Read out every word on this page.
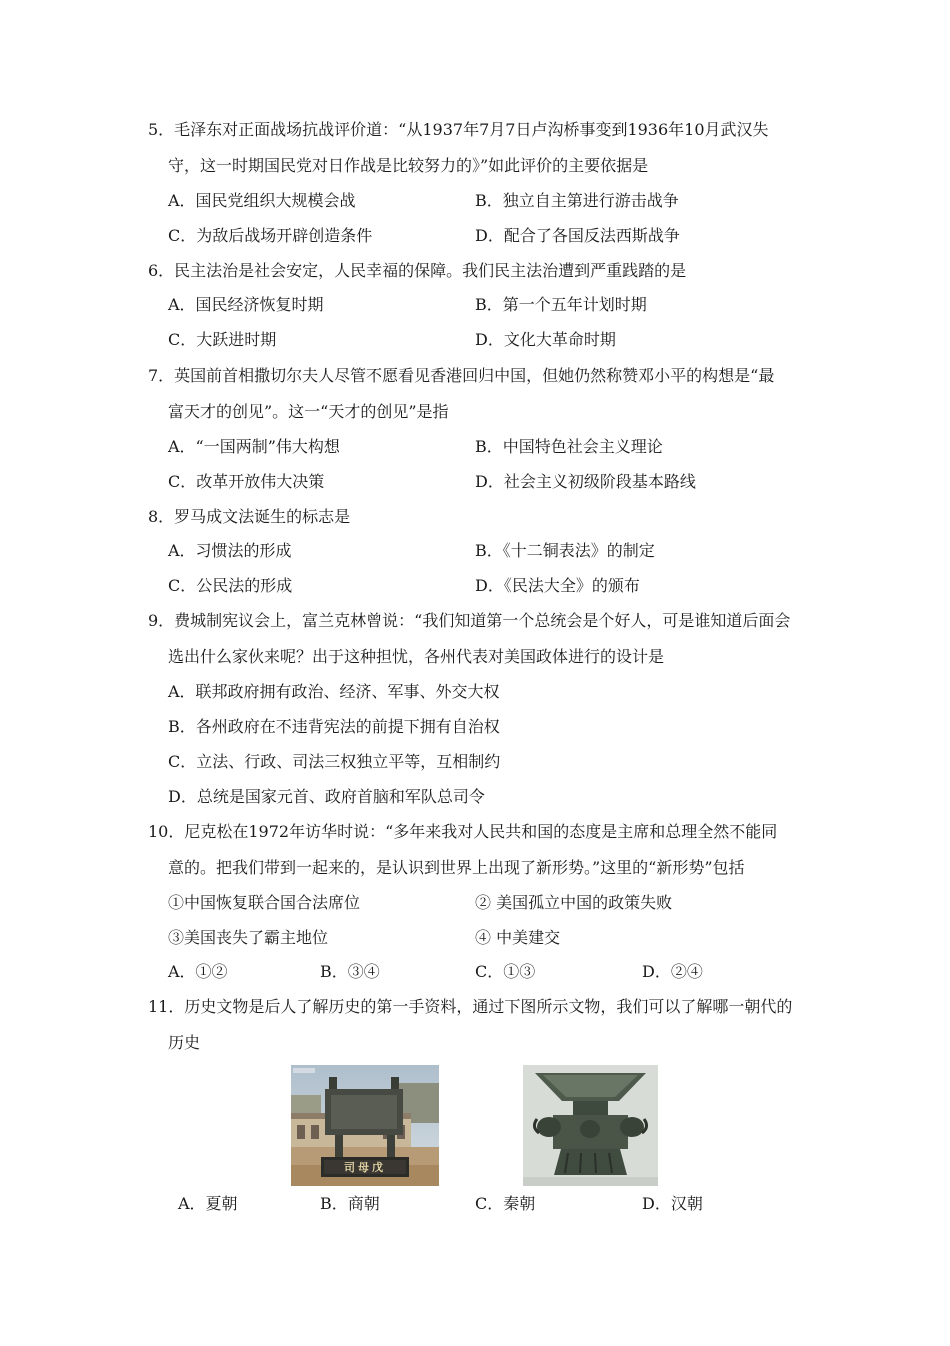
5．毛泽东对正面战场抗战评价道：“从1937年7月7日卢沟桥事变到1936年10月武汉失
守，这一时期国民党对日作战是比较努力的》”如此评价的主要依据是
A．国民党组织大规模会战	B．独立自主第进行游击战争
C．为敌后战场开辟创造条件	D．配合了各国反法西斯战争
6．民主法治是社会安定，人民幸福的保障。我们民主法治遭到严重践踏的是
A．国民经济恢复时期	B．第一个五年计划时期
C．大跃进时期	D．文化大革命时期
7．英国前首相撒切尔夫人尽管不愿看见香港回归中国，但她仍然称赞邓小平的构想是“最
富天才的创见”。这一“天才的创见”是指
A．“一国两制”伟大构想	B．中国特色社会主义理论
C．改革开放伟大决策	D．社会主义初级阶段基本路线
8．罗马成文法诞生的标志是
A．习惯法的形成	B．《十二铜表法》的制定
C．公民法的形成	D．《民法大全》的颁布
9．费城制宪议会上，富兰克林曾说：“我们知道第一个总统会是个好人，可是谁知道后面会
选出什么家伙来呢？出于这种担忧，各州代表对美国政体进行的设计是
A．联邦政府拥有政治、经济、军事、外交大权
B．各州政府在不违背宪法的前提下拥有自治权
C．立法、行政、司法三权独立平等，互相制约
D．总统是国家元首、政府首脑和军队总司令
10．尼克松在1972年访华时说：“多年来我对人民共和国的态度是主席和总理全然不能同
意的。把我们带到一起来的，是认识到世界上出现了新形势。”这里的“新形势”包括
①中国恢复联合国合法席位	② 美国孤立中国的政策失败
③美国丧失了霸主地位	④ 中美建交
A．①②	B．③④	C．①③	D．②④
11．历史文物是后人了解历史的第一手资料，通过下图所示文物，我们可以了解哪一朝代的
历史
司母戊
A．夏朝	B．商朝	C．秦朝	D．汉朝
